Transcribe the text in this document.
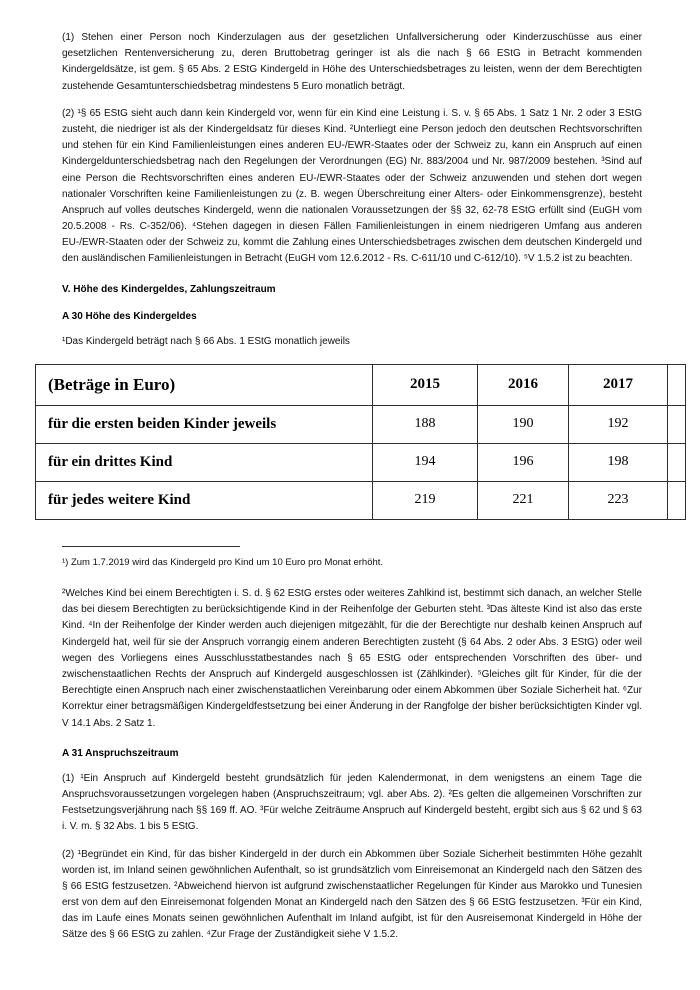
(1) Stehen einer Person noch Kinderzulagen aus der gesetzlichen Unfallversicherung oder Kinderzuschüsse aus einer gesetzlichen Rentenversicherung zu, deren Bruttobetrag geringer ist als die nach § 66 EStG in Betracht kommenden Kindergeldsätze, ist gem. § 65 Abs. 2 EStG Kindergeld in Höhe des Unterschiedsbetrages zu leisten, wenn der dem Berechtigten zustehende Gesamtunterschiedsbetrag mindestens 5 Euro monatlich beträgt.

(2) ¹§ 65 EStG sieht auch dann kein Kindergeld vor, wenn für ein Kind eine Leistung i. S. v. § 65 Abs. 1 Satz 1 Nr. 2 oder 3 EStG zusteht, die niedriger ist als der Kindergeldsatz für dieses Kind. ²Unterliegt eine Person jedoch den deutschen Rechtsvorschriften und stehen für ein Kind Familienleistungen eines anderen EU-/EWR-Staates oder der Schweiz zu, kann ein Anspruch auf einen Kindergeldunterschiedsbetrag nach den Regelungen der Verordnungen (EG) Nr. 883/2004 und Nr. 987/2009 bestehen. ³Sind auf eine Person die Rechtsvorschriften eines anderen EU-/EWR-Staates oder der Schweiz anzuwenden und stehen dort wegen nationaler Vorschriften keine Familienleistungen zu (z. B. wegen Überschreitung einer Alters- oder Einkommensgrenze), besteht Anspruch auf volles deutsches Kindergeld, wenn die nationalen Voraussetzungen der §§ 32, 62-78 EStG erfüllt sind (EuGH vom 20.5.2008 - Rs. C-352/06). ⁴Stehen dagegen in diesen Fällen Familienleistungen in einem niedrigeren Umfang aus anderen EU-/EWR-Staaten oder der Schweiz zu, kommt die Zahlung eines Unterschiedsbetrages zwischen dem deutschen Kindergeld und den ausländischen Familienleistungen in Betracht (EuGH vom 12.6.2012 - Rs. C-611/10 und C-612/10). ⁵V 1.5.2 ist zu beachten.

V. Höhe des Kindergeldes, Zahlungszeitraum
A 30 Höhe des Kindergeldes

¹Das Kindergeld beträgt nach § 66 Abs. 1 EStG monatlich jeweils

(Beträge in Euro)	2015	2016	2017	
für die ersten beiden Kinder jeweils	188	190	192	
für ein drittes Kind	194	196	198	
für jedes weitere Kind	219	221	223	

¹) Zum 1.7.2019 wird das Kindergeld pro Kind um 10 Euro pro Monat erhöht.

²Welches Kind bei einem Berechtigten i. S. d. § 62 EStG erstes oder weiteres Zahlkind ist, bestimmt sich danach, an welcher Stelle das bei diesem Berechtigten zu berücksichtigende Kind in der Reihenfolge der Geburten steht. ³Das älteste Kind ist also das erste Kind. ⁴In der Reihenfolge der Kinder werden auch diejenigen mitgezählt, für die der Berechtigte nur deshalb keinen Anspruch auf Kindergeld hat, weil für sie der Anspruch vorrangig einem anderen Berechtigten zusteht (§ 64 Abs. 2 oder Abs. 3 EStG) oder weil wegen des Vorliegens eines Ausschlusstatbestandes nach § 65 EStG oder entsprechenden Vorschriften des über- und zwischenstaatlichen Rechts der Anspruch auf Kindergeld ausgeschlossen ist (Zählkinder). ⁵Gleiches gilt für Kinder, für die der Berechtigte einen Anspruch nach einer zwischenstaatlichen Vereinbarung oder einem Abkommen über Soziale Sicherheit hat. ⁶Zur Korrektur einer betragsmäßigen Kindergeldfestsetzung bei einer Änderung in der Rangfolge der bisher berücksichtigten Kinder vgl. V 14.1 Abs. 2 Satz 1.

A 31 Anspruchszeitraum

(1) ¹Ein Anspruch auf Kindergeld besteht grundsätzlich für jeden Kalendermonat, in dem wenigstens an einem Tage die Anspruchsvoraussetzungen vorgelegen haben (Anspruchszeitraum; vgl. aber Abs. 2). ²Es gelten die allgemeinen Vorschriften zur Festsetzungsverjährung nach §§ 169 ff. AO. ³Für welche Zeiträume Anspruch auf Kindergeld besteht, ergibt sich aus § 62 und § 63 i. V. m. § 32 Abs. 1 bis 5 EStG.

(2) ¹Begründet ein Kind, für das bisher Kindergeld in der durch ein Abkommen über Soziale Sicherheit bestimmten Höhe gezahlt worden ist, im Inland seinen gewöhnlichen Aufenthalt, so ist grundsätzlich vom Einreisemonat an Kindergeld nach den Sätzen des § 66 EStG festzusetzen. ²Abweichend hiervon ist aufgrund zwischenstaatlicher Regelungen für Kinder aus Marokko und Tunesien erst von dem auf den Einreisemonat folgenden Monat an Kindergeld nach den Sätzen des § 66 EStG festzusetzen. ³Für ein Kind, das im Laufe eines Monats seinen gewöhnlichen Aufenthalt im Inland aufgibt, ist für den Ausreisemonat Kindergeld in Höhe der Sätze des § 66 EStG zu zahlen. ⁴Zur Frage der Zuständigkeit siehe V 1.5.2.
